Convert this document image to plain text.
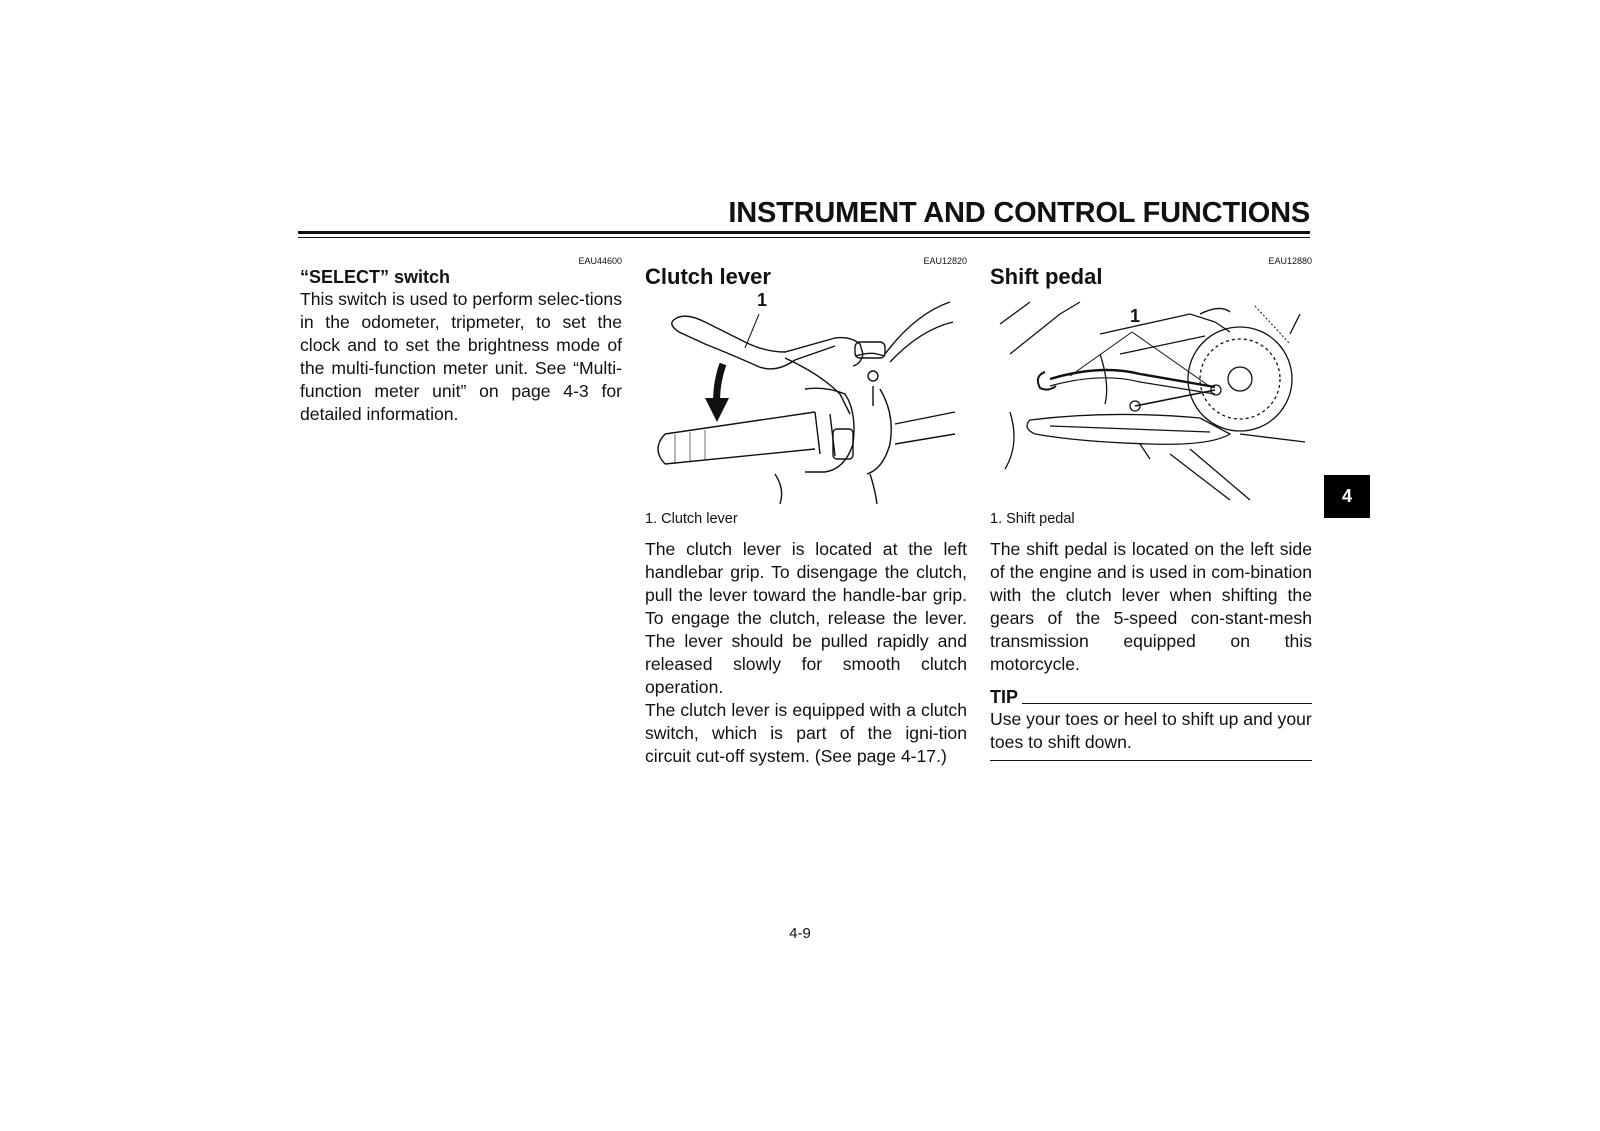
INSTRUMENT AND CONTROL FUNCTIONS
EAU44600
“SELECT” switch

This switch is used to perform selec-tions in the odometer, tripmeter, to set the clock and to set the brightness mode of the multi-function meter unit. See “Multi-function meter unit” on page 4-3 for detailed information.

EAU12820
Clutch lever
1
1. Clutch lever

The clutch lever is located at the left handlebar grip. To disengage the clutch, pull the lever toward the handle-bar grip. To engage the clutch, release the lever. The lever should be pulled rapidly and released slowly for smooth clutch operation.

The clutch lever is equipped with a clutch switch, which is part of the igni-tion circuit cut-off system. (See page 4-17.)

EAU12880
Shift pedal
1
1. Shift pedal

The shift pedal is located on the left side of the engine and is used in com-bination with the clutch lever when shifting the gears of the 5-speed con-stant-mesh transmission equipped on this motorcycle.

TIP

Use your toes or heel to shift up and your toes to shift down.

4-9
4
